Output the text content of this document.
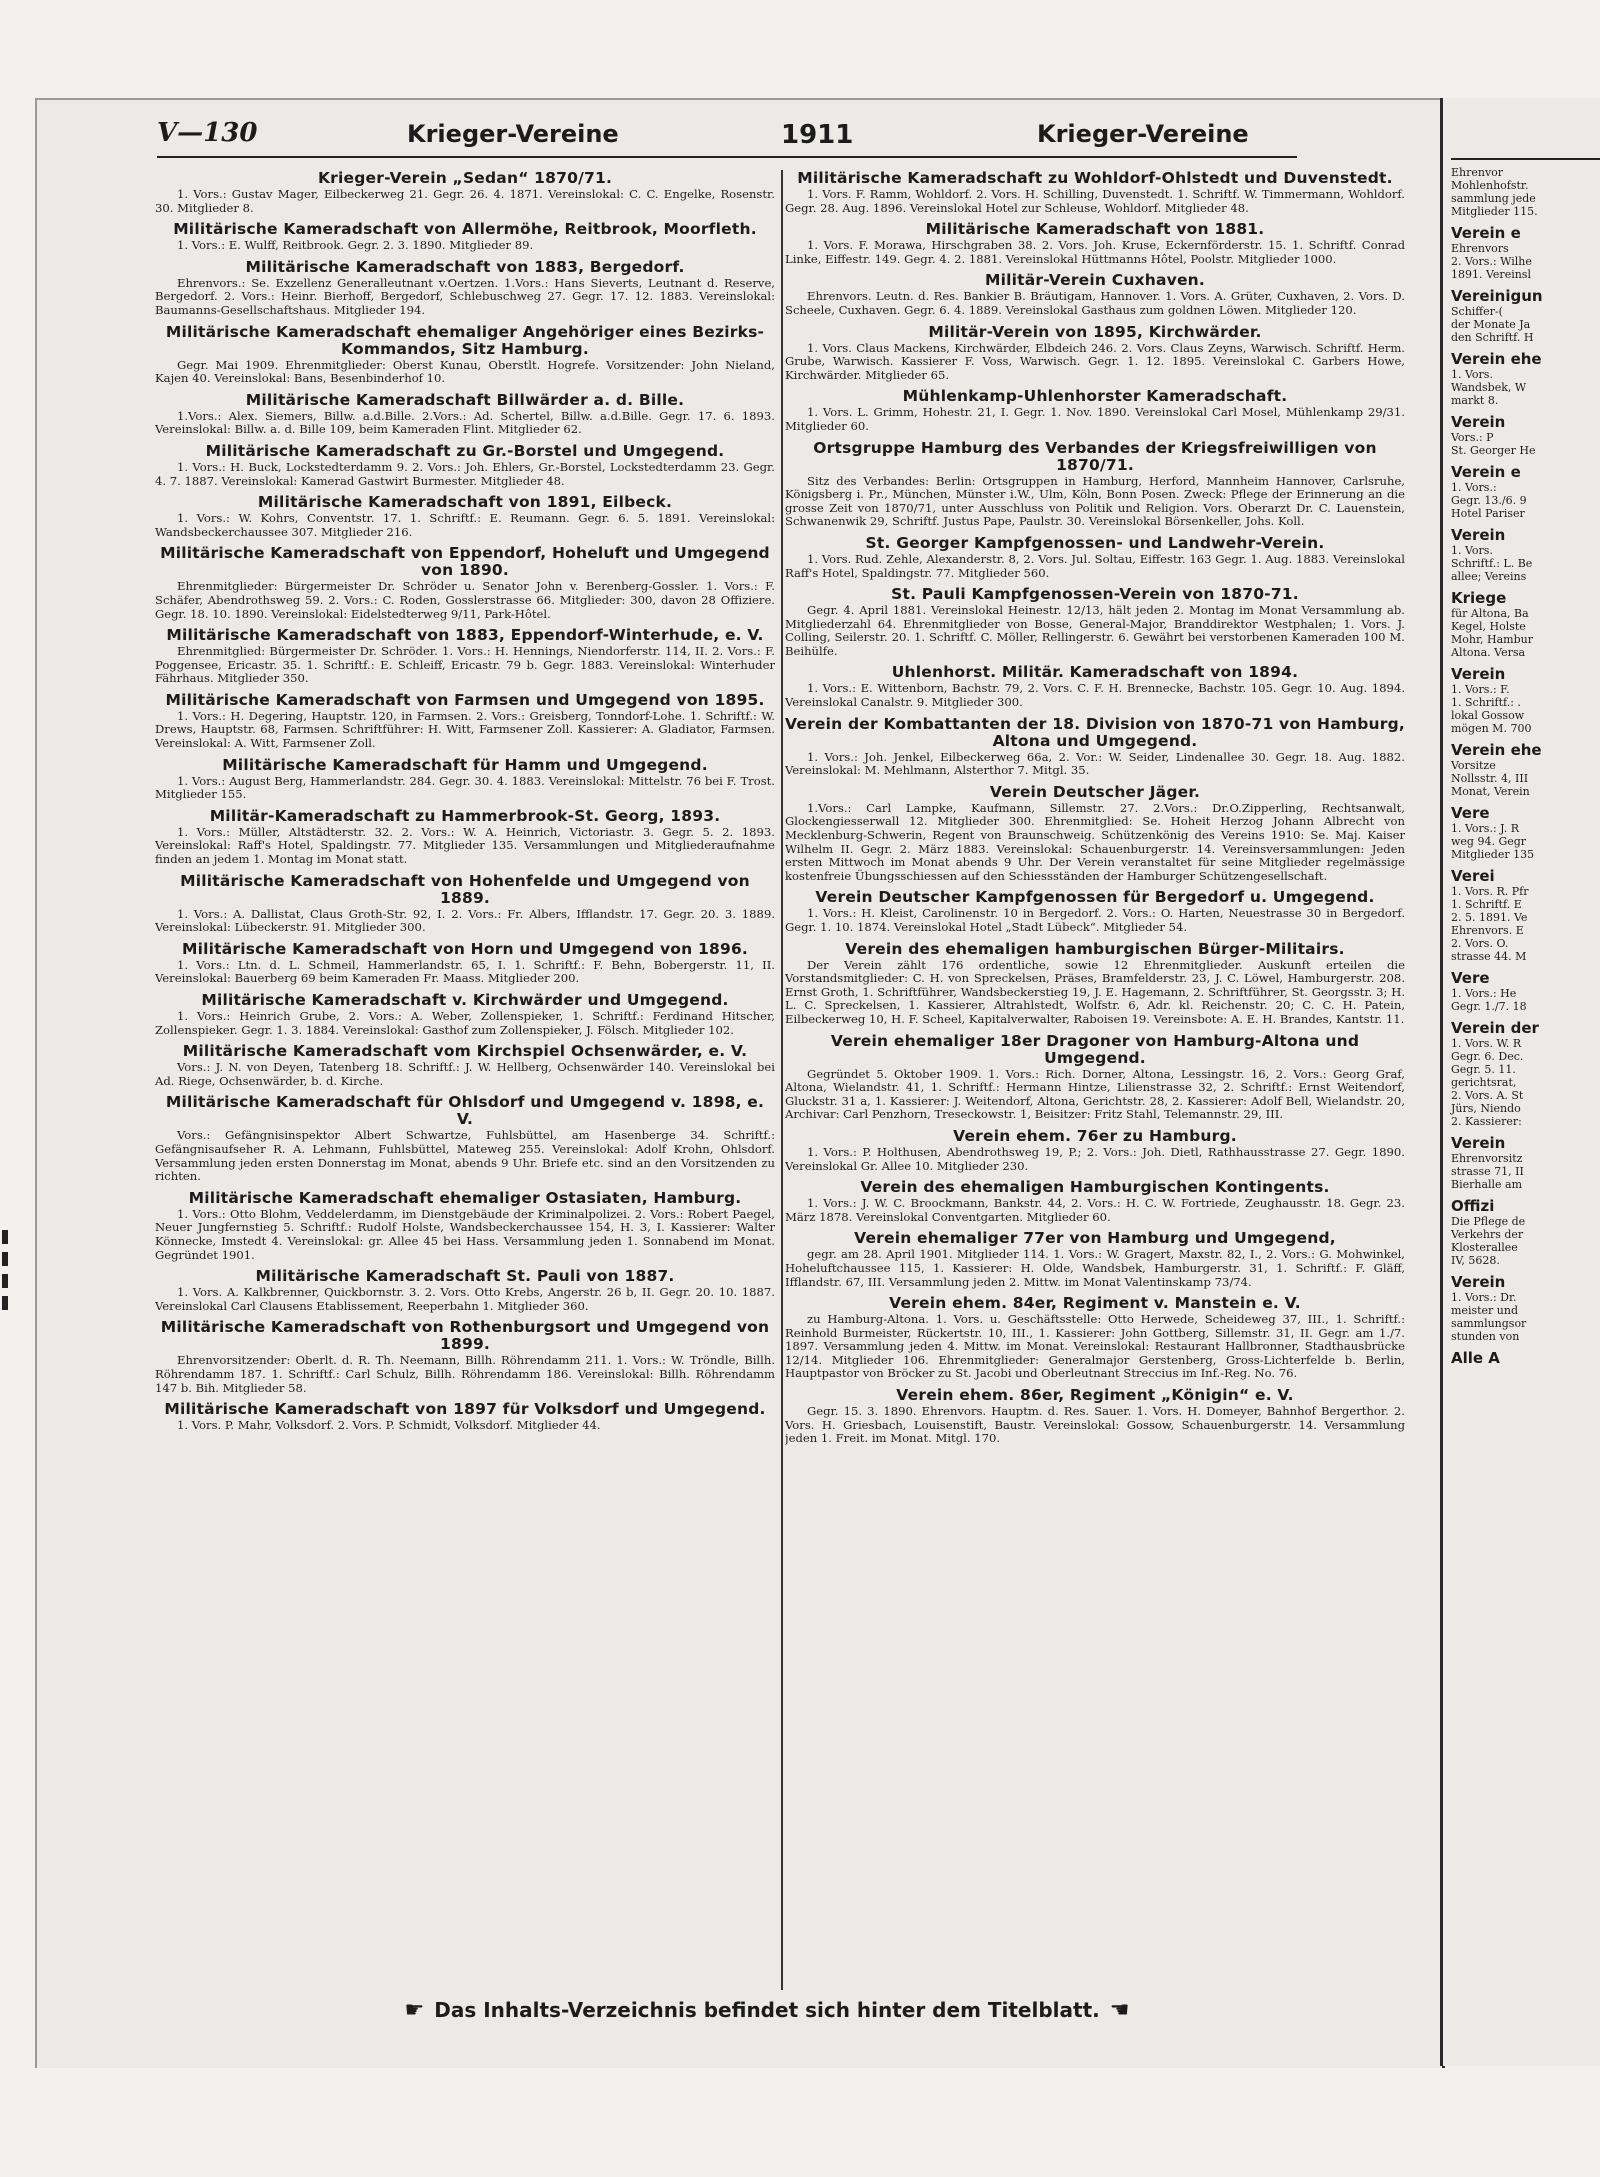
V—130	Krieger-Vereine	1911	Krieger-Vereine
Krieger-Verein „Sedan“ 1870/71.

1. Vors.: Gustav Mager, Eilbeckerweg 21. Gegr. 26. 4. 1871. Vereinslokal: C. C. Engelke, Rosenstr. 30. Mitglieder 8.

Militärische Kameradschaft von Allermöhe, Reitbrook, Moorfleth.

1. Vors.: E. Wulff, Reitbrook. Gegr. 2. 3. 1890. Mitglieder 89.

Militärische Kameradschaft von 1883, Bergedorf.

Ehrenvors.: Se. Exzellenz Generalleutnant v.Oertzen. 1.Vors.: Hans Sieverts, Leutnant d. Reserve, Bergedorf. 2. Vors.: Heinr. Bierhoff, Bergedorf, Schlebuschweg 27. Gegr. 17. 12. 1883. Vereinslokal: Baumanns-Gesellschaftshaus. Mitglieder 194.

Militärische Kameradschaft ehemaliger Angehöriger eines Bezirks-Kommandos, Sitz Hamburg.

Gegr. Mai 1909. Ehrenmitglieder: Oberst Kunau, Oberstlt. Hogrefe. Vorsitzender: John Nieland, Kajen 40. Vereinslokal: Bans, Besenbinderhof 10.

Militärische Kameradschaft Billwärder a. d. Bille.

1.Vors.: Alex. Siemers, Billw. a.d.Bille. 2.Vors.: Ad. Schertel, Billw. a.d.Bille. Gegr. 17. 6. 1893. Vereinslokal: Billw. a. d. Bille 109, beim Kameraden Flint. Mitglieder 62.

Militärische Kameradschaft zu Gr.-Borstel und Umgegend.

1. Vors.: H. Buck, Lockstedterdamm 9. 2. Vors.: Joh. Ehlers, Gr.-Borstel, Lockstedterdamm 23. Gegr. 4. 7. 1887. Vereinslokal: Kamerad Gastwirt Burmester. Mitglieder 48.

Militärische Kameradschaft von 1891, Eilbeck.

1. Vors.: W. Kohrs, Conventstr. 17. 1. Schriftf.: E. Reumann. Gegr. 6. 5. 1891. Vereinslokal: Wandsbeckerchaussee 307. Mitglieder 216.

Militärische Kameradschaft von Eppendorf, Hoheluft und Umgegend von 1890.

Ehrenmitglieder: Bürgermeister Dr. Schröder u. Senator John v. Berenberg-Gossler. 1. Vors.: F. Schäfer, Abendrothsweg 59. 2. Vors.: C. Roden, Gosslerstrasse 66. Mitglieder: 300, davon 28 Offiziere. Gegr. 18. 10. 1890. Vereinslokal: Eidelstedterweg 9/11, Park-Hôtel.

Militärische Kameradschaft von 1883, Eppendorf-Winterhude, e. V.

Ehrenmitglied: Bürgermeister Dr. Schröder. 1. Vors.: H. Hennings, Niendorferstr. 114, II. 2. Vors.: F. Poggensee, Ericastr. 35. 1. Schriftf.: E. Schleiff, Ericastr. 79 b. Gegr. 1883. Vereinslokal: Winterhuder Fährhaus. Mitglieder 350.

Militärische Kameradschaft von Farmsen und Umgegend von 1895.

1. Vors.: H. Degering, Hauptstr. 120, in Farmsen. 2. Vors.: Greisberg, Tonndorf-Lohe. 1. Schriftf.: W. Drews, Hauptstr. 68, Farmsen. Schriftführer: H. Witt, Farmsener Zoll. Kassierer: A. Gladiator, Farmsen. Vereinslokal: A. Witt, Farmsener Zoll.

Militärische Kameradschaft für Hamm und Umgegend.

1. Vors.: August Berg, Hammerlandstr. 284. Gegr. 30. 4. 1883. Vereinslokal: Mittelstr. 76 bei F. Trost. Mitglieder 155.

Militär-Kameradschaft zu Hammerbrook-St. Georg, 1893.

1. Vors.: Müller, Altstädterstr. 32. 2. Vors.: W. A. Heinrich, Victoriastr. 3. Gegr. 5. 2. 1893. Vereinslokal: Raff's Hotel, Spaldingstr. 77. Mitglieder 135. Versammlungen und Mitgliederaufnahme finden an jedem 1. Montag im Monat statt.

Militärische Kameradschaft von Hohenfelde und Umgegend von 1889.

1. Vors.: A. Dallistat, Claus Groth-Str. 92, I. 2. Vors.: Fr. Albers, Ifflandstr. 17. Gegr. 20. 3. 1889. Vereinslokal: Lübeckerstr. 91. Mitglieder 300.

Militärische Kameradschaft von Horn und Umgegend von 1896.

1. Vors.: Ltn. d. L. Schmeil, Hammerlandstr. 65, I. 1. Schriftf.: F. Behn, Bobergerstr. 11, II. Vereinslokal: Bauerberg 69 beim Kameraden Fr. Maass. Mitglieder 200.

Militärische Kameradschaft v. Kirchwärder und Umgegend.

1. Vors.: Heinrich Grube, 2. Vors.: A. Weber, Zollenspieker, 1. Schriftf.: Ferdinand Hitscher, Zollenspieker. Gegr. 1. 3. 1884. Vereinslokal: Gasthof zum Zollenspieker, J. Fölsch. Mitglieder 102.

Militärische Kameradschaft vom Kirchspiel Ochsenwärder, e. V.

Vors.: J. N. von Deyen, Tatenberg 18. Schriftf.: J. W. Hellberg, Ochsenwärder 140. Vereinslokal bei Ad. Riege, Ochsenwärder, b. d. Kirche.

Militärische Kameradschaft für Ohlsdorf und Umgegend v. 1898, e. V.

Vors.: Gefängnisinspektor Albert Schwartze, Fuhlsbüttel, am Hasenberge 34. Schriftf.: Gefängnisaufseher R. A. Lehmann, Fuhlsbüttel, Mateweg 255. Vereinslokal: Adolf Krohn, Ohlsdorf. Versammlung jeden ersten Donnerstag im Monat, abends 9 Uhr. Briefe etc. sind an den Vorsitzenden zu richten.

Militärische Kameradschaft ehemaliger Ostasiaten, Hamburg.

1. Vors.: Otto Blohm, Veddelerdamm, im Dienstgebäude der Kriminalpolizei. 2. Vors.: Robert Paegel, Neuer Jungfernstieg 5. Schriftf.: Rudolf Holste, Wandsbeckerchaussee 154, H. 3, I. Kassierer: Walter Könnecke, Imstedt 4. Vereinslokal: gr. Allee 45 bei Hass. Versammlung jeden 1. Sonnabend im Monat. Gegründet 1901.

Militärische Kameradschaft St. Pauli von 1887.

1. Vors. A. Kalkbrenner, Quickbornstr. 3. 2. Vors. Otto Krebs, Angerstr. 26 b, II. Gegr. 20. 10. 1887. Vereinslokal Carl Clausens Etablissement, Reeperbahn 1. Mitglieder 360.

Militärische Kameradschaft von Rothenburgsort und Umgegend von 1899.

Ehrenvorsitzender: Oberlt. d. R. Th. Neemann, Billh. Röhrendamm 211. 1. Vors.: W. Tröndle, Billh. Röhrendamm 187. 1. Schriftf.: Carl Schulz, Billh. Röhrendamm 186. Vereinslokal: Billh. Röhrendamm 147 b. Bih. Mitglieder 58.

Militärische Kameradschaft von 1897 für Volksdorf und Umgegend.

1. Vors. P. Mahr, Volksdorf. 2. Vors. P. Schmidt, Volksdorf. Mitglieder 44.

Militärische Kameradschaft zu Wohldorf-Ohlstedt und Duvenstedt.

1. Vors. F. Ramm, Wohldorf. 2. Vors. H. Schilling, Duvenstedt. 1. Schriftf. W. Timmermann, Wohldorf. Gegr. 28. Aug. 1896. Vereinslokal Hotel zur Schleuse, Wohldorf. Mitglieder 48.

Militärische Kameradschaft von 1881.

1. Vors. F. Morawa, Hirschgraben 38. 2. Vors. Joh. Kruse, Eckernförderstr. 15. 1. Schriftf. Conrad Linke, Eiffestr. 149. Gegr. 4. 2. 1881. Vereinslokal Hüttmanns Hôtel, Poolstr. Mitglieder 1000.

Militär-Verein Cuxhaven.

Ehrenvors. Leutn. d. Res. Bankier B. Bräutigam, Hannover. 1. Vors. A. Grüter, Cuxhaven, 2. Vors. D. Scheele, Cuxhaven. Gegr. 6. 4. 1889. Vereinslokal Gasthaus zum goldnen Löwen. Mitglieder 120.

Militär-Verein von 1895, Kirchwärder.

1. Vors. Claus Mackens, Kirchwärder, Elbdeich 246. 2. Vors. Claus Zeyns, Warwisch. Schriftf. Herm. Grube, Warwisch. Kassierer F. Voss, Warwisch. Gegr. 1. 12. 1895. Vereinslokal C. Garbers Howe, Kirchwärder. Mitglieder 65.

Mühlenkamp-Uhlenhorster Kameradschaft.

1. Vors. L. Grimm, Hohestr. 21, I. Gegr. 1. Nov. 1890. Vereinslokal Carl Mosel, Mühlenkamp 29/31. Mitglieder 60.

Ortsgruppe Hamburg des Verbandes der Kriegsfreiwilligen von 1870/71.

Sitz des Verbandes: Berlin: Ortsgruppen in Hamburg, Herford, Mannheim Hannover, Carlsruhe, Königsberg i. Pr., München, Münster i.W., Ulm, Köln, Bonn Posen. Zweck: Pflege der Erinnerung an die grosse Zeit von 1870/71, unter Ausschluss von Politik und Religion. Vors. Oberarzt Dr. C. Lauenstein, Schwanenwik 29, Schriftf. Justus Pape, Paulstr. 30. Vereinslokal Börsenkeller, Johs. Koll.

St. Georger Kampfgenossen- und Landwehr-Verein.

1. Vors. Rud. Zehle, Alexanderstr. 8, 2. Vors. Jul. Soltau, Eiffestr. 163 Gegr. 1. Aug. 1883. Vereinslokal Raff's Hotel, Spaldingstr. 77. Mitglieder 560.

St. Pauli Kampfgenossen-Verein von 1870-71.

Gegr. 4. April 1881. Vereinslokal Heinestr. 12/13, hält jeden 2. Montag im Monat Versammlung ab. Mitgliederzahl 64. Ehrenmitglieder von Bosse, General-Major, Branddirektor Westphalen; 1. Vors. J. Colling, Seilerstr. 20. 1. Schriftf. C. Möller, Rellingerstr. 6. Gewährt bei verstorbenen Kameraden 100 M. Beihülfe.

Uhlenhorst. Militär. Kameradschaft von 1894.

1. Vors.: E. Wittenborn, Bachstr. 79, 2. Vors. C. F. H. Brennecke, Bachstr. 105. Gegr. 10. Aug. 1894. Vereinslokal Canalstr. 9. Mitglieder 300.

Verein der Kombattanten der 18. Division von 1870-71 von Hamburg, Altona und Umgegend.

1. Vors.: Joh. Jenkel, Eilbeckerweg 66a, 2. Vor.: W. Seider, Lindenallee 30. Gegr. 18. Aug. 1882. Vereinslokal: M. Mehlmann, Alsterthor 7. Mitgl. 35.

Verein Deutscher Jäger.

1.Vors.: Carl Lampke, Kaufmann, Sillemstr. 27. 2.Vors.: Dr.O.Zipperling, Rechtsanwalt, Glockengiesserwall 12. Mitglieder 300. Ehrenmitglied: Se. Hoheit Herzog Johann Albrecht von Mecklenburg-Schwerin, Regent von Braunschweig. Schützenkönig des Vereins 1910: Se. Maj. Kaiser Wilhelm II. Gegr. 2. März 1883. Vereinslokal: Schauenburgerstr. 14. Vereinsversammlungen: Jeden ersten Mittwoch im Monat abends 9 Uhr. Der Verein veranstaltet für seine Mitglieder regelmässige kostenfreie Übungsschiessen auf den Schiessständen der Hamburger Schützengesellschaft.

Verein Deutscher Kampfgenossen für Bergedorf u. Umgegend.

1. Vors.: H. Kleist, Carolinenstr. 10 in Bergedorf. 2. Vors.: O. Harten, Neuestrasse 30 in Bergedorf. Gegr. 1. 10. 1874. Vereinslokal Hotel „Stadt Lübeck“. Mitglieder 54.

Verein des ehemaligen hamburgischen Bürger-Militairs.

Der Verein zählt 176 ordentliche, sowie 12 Ehrenmitglieder. Auskunft erteilen die Vorstandsmitglieder: C. H. von Spreckelsen, Präses, Bramfelderstr. 23, J. C. Löwel, Hamburgerstr. 208. Ernst Groth, 1. Schriftführer, Wandsbeckerstieg 19, J. E. Hagemann, 2. Schriftführer, St. Georgsstr. 3; H. L. C. Spreckelsen, 1. Kassierer, Altrahlstedt, Wolfstr. 6, Adr. kl. Reichenstr. 20; C. C. H. Patein, Eilbeckerweg 10, H. F. Scheel, Kapitalverwalter, Raboisen 19. Vereinsbote: A. E. H. Brandes, Kantstr. 11.

Verein ehemaliger 18er Dragoner von Hamburg-Altona und Umgegend.

Gegründet 5. Oktober 1909. 1. Vors.: Rich. Dorner, Altona, Lessingstr. 16, 2. Vors.: Georg Graf, Altona, Wielandstr. 41, 1. Schriftf.: Hermann Hintze, Lilienstrasse 32, 2. Schriftf.: Ernst Weitendorf, Gluckstr. 31 a, 1. Kassierer: J. Weitendorf, Altona, Gerichtstr. 28, 2. Kassierer: Adolf Bell, Wielandstr. 20, Archivar: Carl Penzhorn, Treseckowstr. 1, Beisitzer: Fritz Stahl, Telemannstr. 29, III.

Verein ehem. 76er zu Hamburg.

1. Vors.: P. Holthusen, Abendrothsweg 19, P.; 2. Vors.: Joh. Dietl, Rathhausstrasse 27. Gegr. 1890. Vereinslokal Gr. Allee 10. Mitglieder 230.

Verein des ehemaligen Hamburgischen Kontingents.

1. Vors.: J. W. C. Broockmann, Bankstr. 44, 2. Vors.: H. C. W. Fortriede, Zeughausstr. 18. Gegr. 23. März 1878. Vereinslokal Conventgarten. Mitglieder 60.

Verein ehemaliger 77er von Hamburg und Umgegend,

gegr. am 28. April 1901. Mitglieder 114. 1. Vors.: W. Gragert, Maxstr. 82, I., 2. Vors.: G. Mohwinkel, Hoheluftchaussee 115, 1. Kassierer: H. Olde, Wandsbek, Hamburgerstr. 31, 1. Schriftf.: F. Gläff, Ifflandstr. 67, III. Versammlung jeden 2. Mittw. im Monat Valentinskamp 73/74.

Verein ehem. 84er, Regiment v. Manstein e. V.

zu Hamburg-Altona. 1. Vors. u. Geschäftsstelle: Otto Herwede, Scheideweg 37, III., 1. Schriftf.: Reinhold Burmeister, Rückertstr. 10, III., 1. Kassierer: John Gottberg, Sillemstr. 31, II. Gegr. am 1./7. 1897. Versammlung jeden 4. Mittw. im Monat. Vereinslokal: Restaurant Hallbronner, Stadthausbrücke 12/14. Mitglieder 106. Ehrenmitglieder: Generalmajor Gerstenberg, Gross-Lichterfelde b. Berlin, Hauptpastor von Bröcker zu St. Jacobi und Oberleutnant Streccius im Inf.-Reg. No. 76.

Verein ehem. 86er, Regiment „Königin“ e. V.

Gegr. 15. 3. 1890. Ehrenvors. Hauptm. d. Res. Sauer. 1. Vors. H. Domeyer, Bahnhof Bergerthor. 2. Vors. H. Griesbach, Louisenstift, Baustr. Vereinslokal: Gossow, Schauenburgerstr. 14. Versammlung jeden 1. Freit. im Monat. Mitgl. 170.

☛ Das Inhalts-Verzeichnis befindet sich hinter dem Titelblatt. ☚
Ehrenvor
Mohlenhofstr.
sammlung jede
Mitglieder 115.
Verein e
Ehrenvors
2. Vors.: Wilhe
1891. Vereinsl
Vereinigun
Schiffer-(
der Monate Ja
den Schriftf. H
Verein ehe
1. Vors.
Wandsbek, W
markt 8.
Verein
Vors.: P
St. Georger He
Verein e
1. Vors.:
Gegr. 13./6. 9
Hotel Pariser
Verein
1. Vors.
Schriftf.: L. Be
allee; Vereins
Kriege
für Altona, Ba
Kegel, Holste
Mohr, Hambur
Altona. Versa
Verein
1. Vors.: F.
1. Schriftf.: .
lokal Gossow
mögen M. 700
Verein ehe
Vorsitze
Nollsstr. 4, III
Monat, Verein
Vere
1. Vors.: J. R
weg 94. Gegr
Mitglieder 135
Verei
1. Vors. R. Pfr
1. Schriftf. E
2. 5. 1891. Ve
Ehrenvors. E
2. Vors. O.
strasse 44. M
Vere
1. Vors.: He
Gegr. 1./7. 18
Verein der
1. Vors. W. R
Gegr. 6. Dec.
Gegr. 5. 11.
gerichtsrat,
2. Vors. A. St
Jürs, Niendo
2. Kassierer:
Verein
Ehrenvorsitz
strasse 71, II
Bierhalle am
Offizi
Die Pflege de
Verkehrs der
Klosterallee
IV, 5628.
Verein
1. Vors.: Dr.
meister und
sammlungsor
stunden von
Alle A
